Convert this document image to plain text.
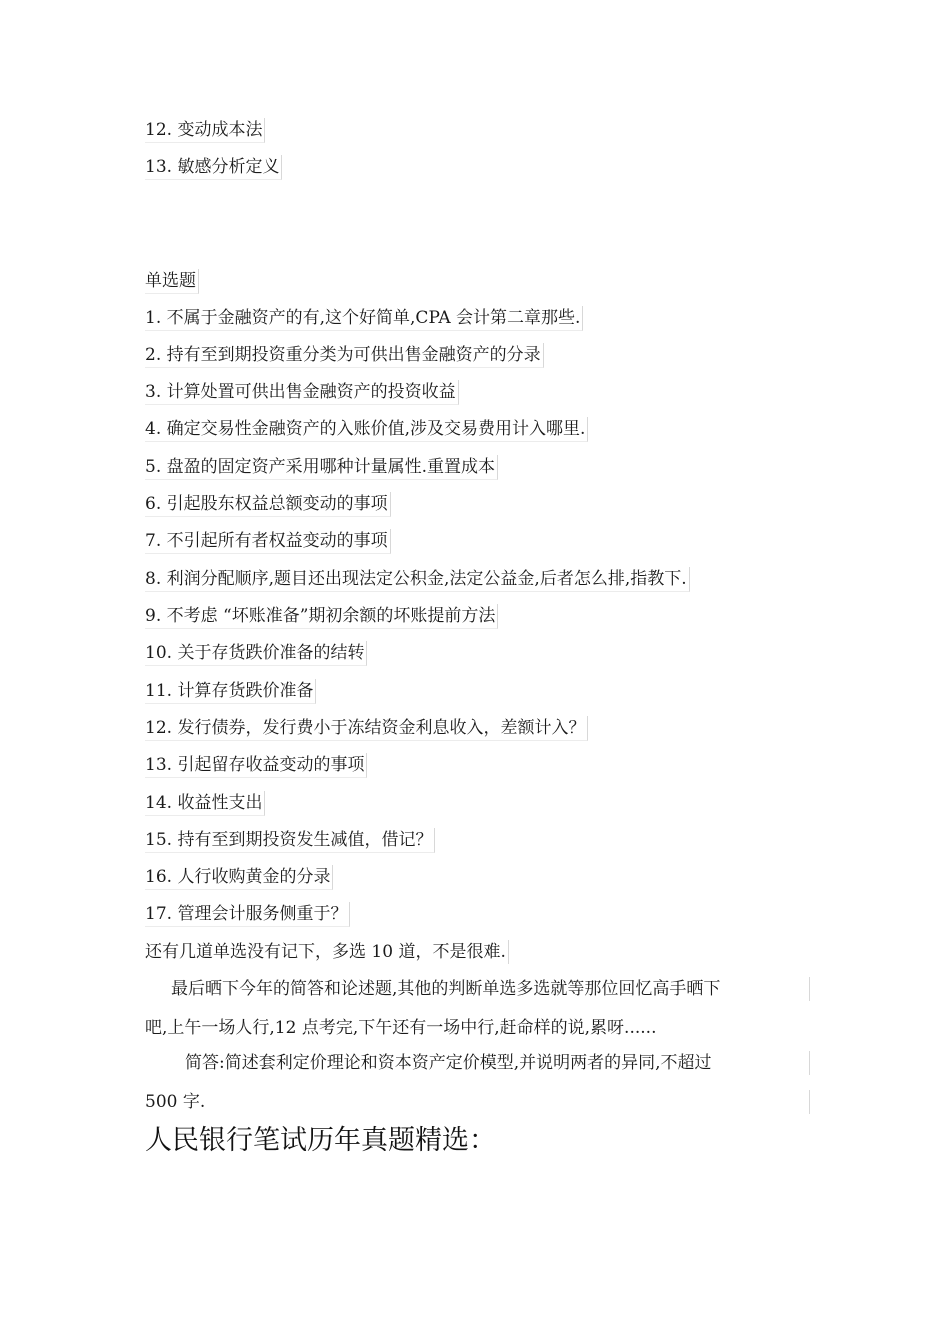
12. 变动成本法
13. 敏感分析定义
单选题
1. 不属于金融资产的有,这个好简单,CPA 会计第二章那些.
2. 持有至到期投资重分类为可供出售金融资产的分录
3. 计算处置可供出售金融资产的投资收益
4. 确定交易性金融资产的入账价值,涉及交易费用计入哪里.
5. 盘盈的固定资产采用哪种计量属性.重置成本
6. 引起股东权益总额变动的事项
7. 不引起所有者权益变动的事项
8. 利润分配顺序,题目还出现法定公积金,法定公益金,后者怎么排,指教下.
9. 不考虑 “坏账准备”期初余额的坏账提前方法
10. 关于存货跌价准备的结转
11. 计算存货跌价准备
12. 发行债券，发行费小于冻结资金利息收入，差额计入？
13. 引起留存收益变动的事项
14. 收益性支出
15. 持有至到期投资发生减值，借记？
16. 人行收购黄金的分录
17. 管理会计服务侧重于？
还有几道单选没有记下，多选 10 道，不是很难.
最后晒下今年的简答和论述题,其他的判断单选多选就等那位回忆高手晒下
吧,上午一场人行,12 点考完,下午还有一场中行,赶命样的说,累呀......
简答:简述套利定价理论和资本资产定价模型,并说明两者的异同,不超过
500 字.
人民银行笔试历年真题精选：
